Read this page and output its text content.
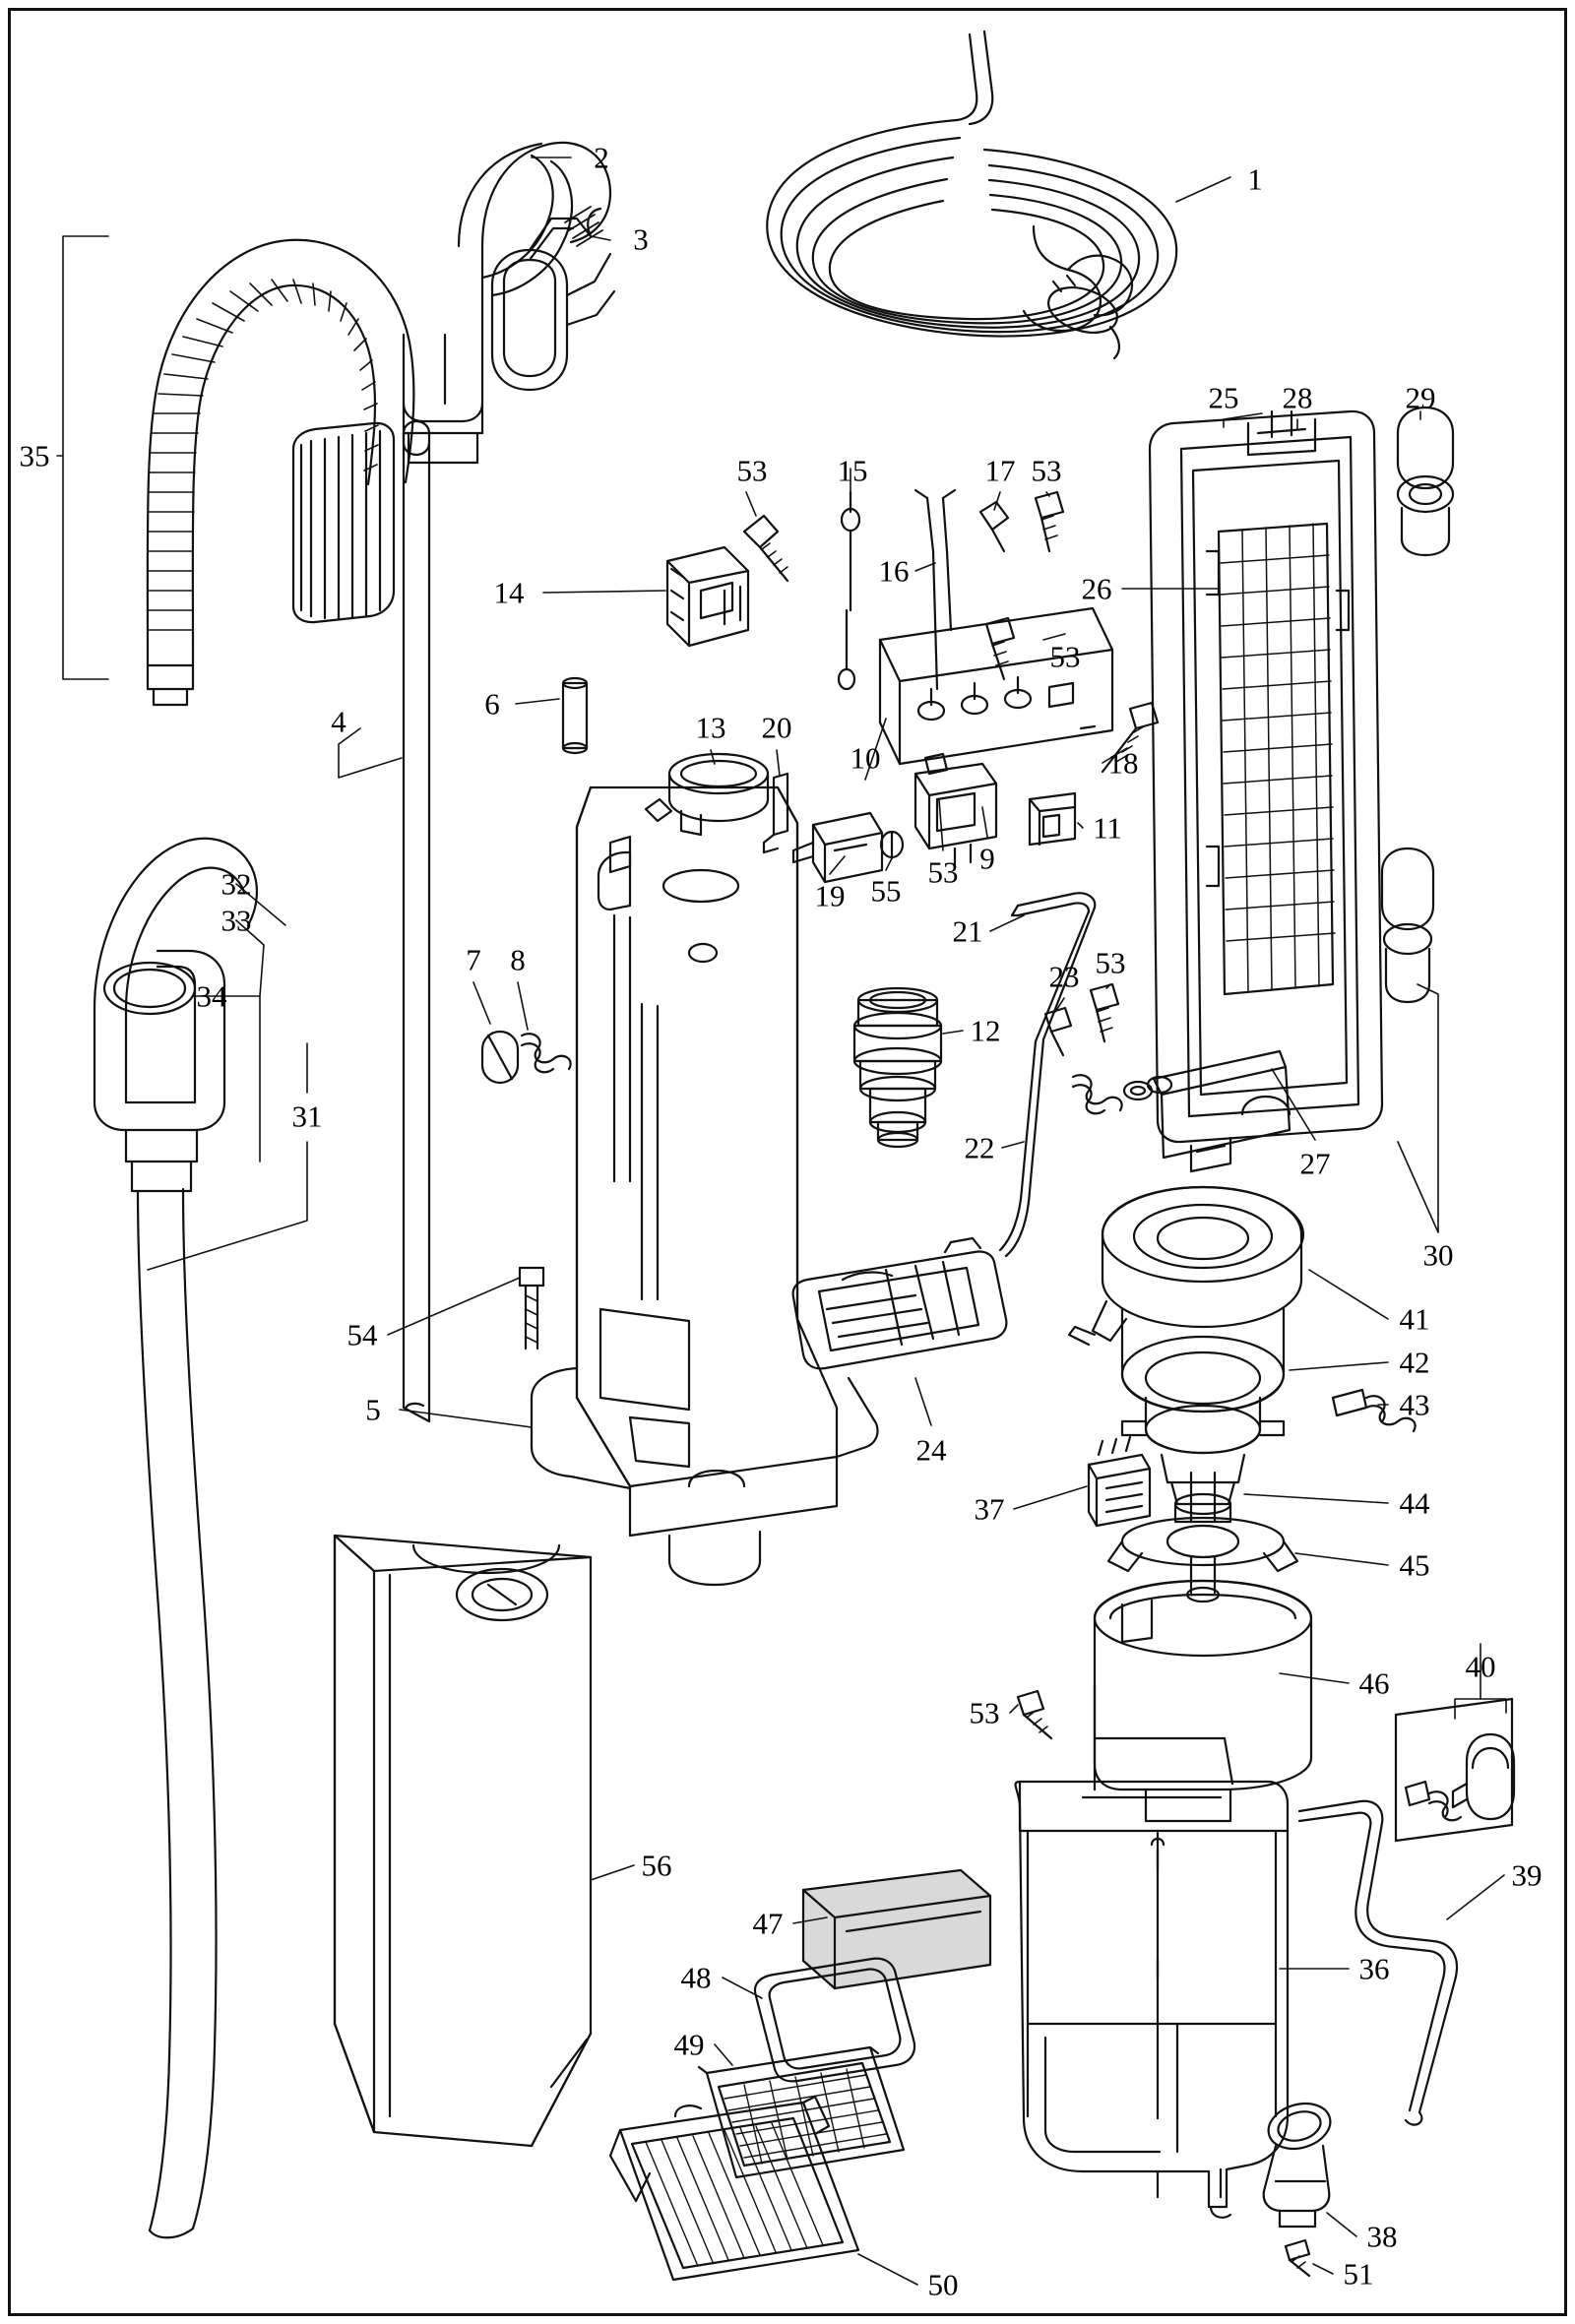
1
2
3
35
25 28	29
53 15	17 53
16
26
14
53
6
13 20
10	18
4
11
9
55
53
19
32
33
34
21
23 53
7 8
31
12
22	27
30
41
42
43
54
5
24
37	44
45
40
53
46
39
56
47
48
49
36
38
51
50
